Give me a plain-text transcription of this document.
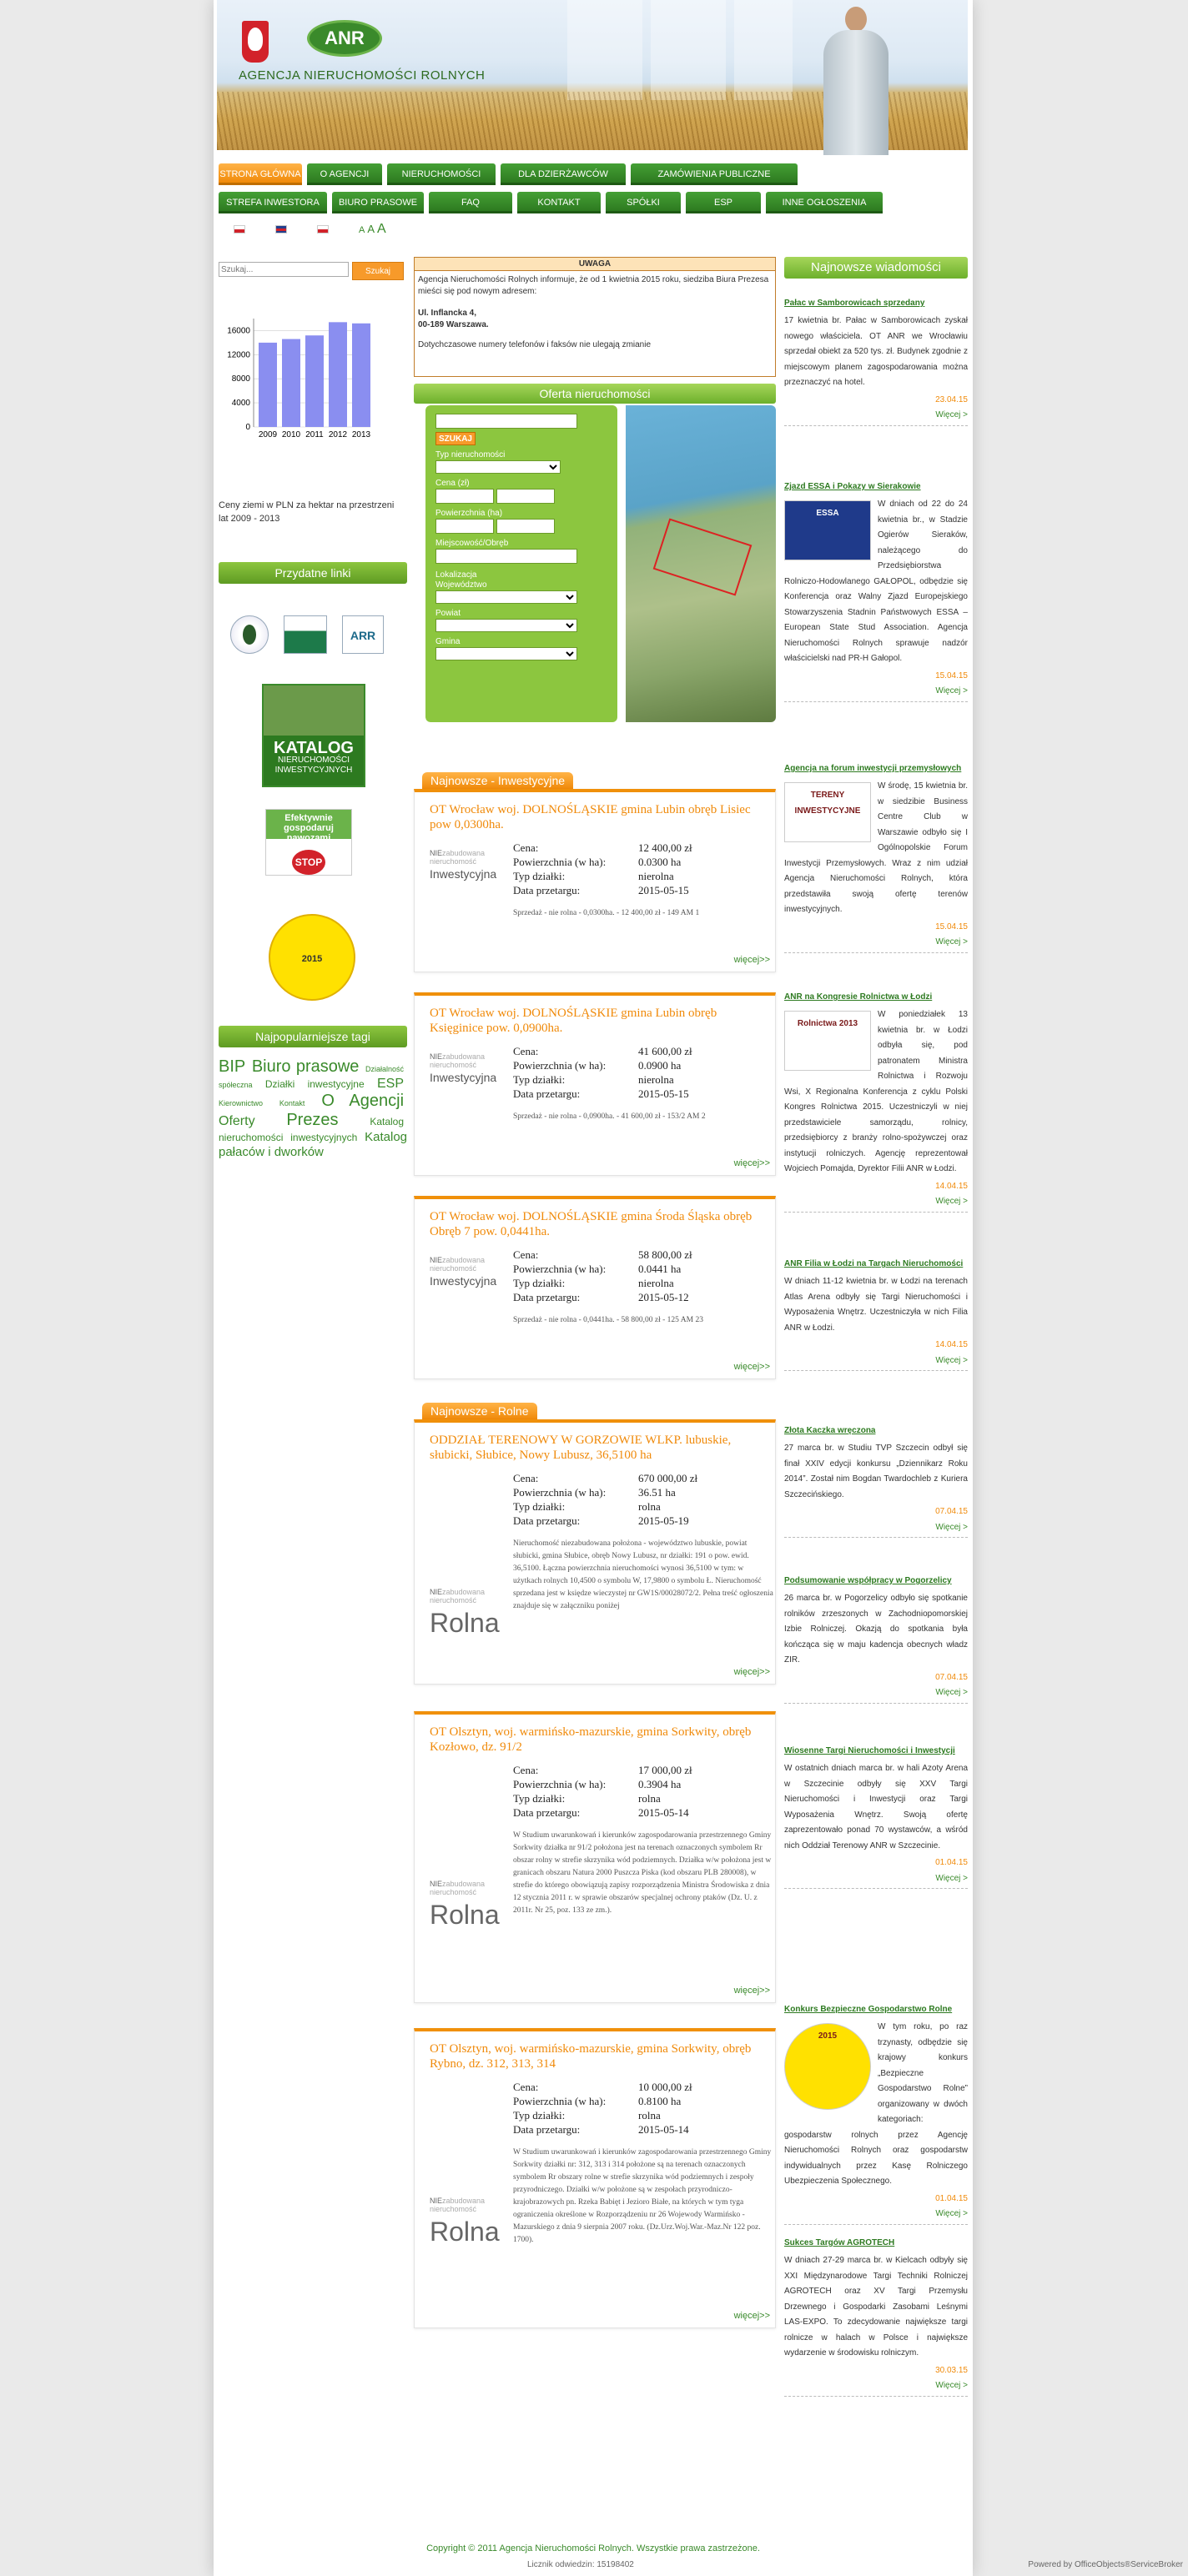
ANR
AGENCJA NIERUCHOMOŚCI ROLNYCH
STRONA GŁÓWNA	O AGENCJI	NIERUCHOMOŚCI	DLA DZIERŻAWCÓW	ZAMÓWIENIA PUBLICZNE
STREFA INWESTORA	BIURO PRASOWE	FAQ	KONTAKT	SPÓŁKI	ESP	INNE OGŁOSZENIA
A A A
Szukaj...
Szukaj
16000
12000
8000
4000
0
2009 2010 2011 2012 2013
Ceny ziemi w PLN za hektar na przestrzeni lat 2009 - 2013
Przydatne linki
ARR
KATALOG
NIERUCHOMOŚCI INWESTYCYJNYCH
Efektywnie gospodaruj nawozami
STOP
2015
Najpopularniejsze tagi
BIP Biuro prasowe Działalność spółeczna Działki inwestycyjne ESP Kierownictwo Kontakt O Agencji Oferty Prezes	Katalog nieruchomości inwestycyjnych Katalog pałaców i dworków
UWAGA
Agencja Nieruchomości Rolnych informuje, że od 1 kwietnia 2015 roku, siedziba Biura Prezesa mieści się pod nowym adresem:
Ul. Inflancka 4,
00-189 Warszawa.
Dotychczasowe numery telefonów i faksów nie ulegają zmianie
Oferta nieruchomości
SZUKAJ
Typ nieruchomości
Cena (zł)

Powierzchnia (ha)

Miejscowość/Obręb
Lokalizacja
Województwo
Powiat
Gmina
Najnowsze - Inwestycyjne
OT Wrocław woj. DOLNOŚLĄSKIE gmina Lubin obręb Lisiec pow 0,0300ha.
NIEzabudowana
nieruchomość
Inwestycyjna
Cena:	12 400,00 zł
Powierzchnia (w ha):	0.0300 ha
Typ działki:	nierolna
Data przetargu:	2015-05-15
Sprzedaż - nie rolna - 0,0300ha. - 12 400,00 zł - 149 AM 1
więcej>>
OT Wrocław woj. DOLNOŚLĄSKIE gmina Lubin obręb Księginice pow. 0,0900ha.
NIEzabudowana
nieruchomość
Inwestycyjna
Cena:	41 600,00 zł
Powierzchnia (w ha):	0.0900 ha
Typ działki:	nierolna
Data przetargu:	2015-05-15
Sprzedaż - nie rolna - 0,0900ha. - 41 600,00 zł - 153/2 AM 2
więcej>>
OT Wrocław woj. DOLNOŚLĄSKIE gmina Środa Śląska obręb Obręb 7 pow. 0,0441ha.
NIEzabudowana
nieruchomość
Inwestycyjna
Cena:	58 800,00 zł
Powierzchnia (w ha):	0.0441 ha
Typ działki:	nierolna
Data przetargu:	2015-05-12
Sprzedaż - nie rolna - 0,0441ha. - 58 800,00 zł - 125 AM 23
więcej>>
Najnowsze - Rolne
ODDZIAŁ TERENOWY W GORZOWIE WLKP. lubuskie, słubicki, Słubice, Nowy Lubusz, 36,5100 ha
NIEzabudowana
nieruchomość
Rolna
Cena:	670 000,00 zł
Powierzchnia (w ha):	36.51 ha
Typ działki:	rolna
Data przetargu:	2015-05-19
Nieruchomość niezabudowana położona - województwo lubuskie, powiat słubicki, gmina Słubice, obręb Nowy Lubusz, nr działki: 191 o pow. ewid. 36,5100. Łączna powierzchnia nieruchomości wynosi 36,5100 w tym: w użytkach rolnych 10,4500 o symbolu W, 17,9800 o symbolu Ł. Nieruchomość sprzedana jest w księdze wieczystej nr GW1S/00028072/2. Pełna treść ogłoszenia znajduje się w załączniku poniżej
więcej>>
OT Olsztyn, woj. warmińsko-mazurskie, gmina Sorkwity, obręb Kozłowo, dz. 91/2
NIEzabudowana
nieruchomość
Rolna
Cena:	17 000,00 zł
Powierzchnia (w ha):	0.3904 ha
Typ działki:	rolna
Data przetargu:	2015-05-14
W Studium uwarunkowań i kierunków zagospodarowania przestrzennego Gminy Sorkwity działka nr 91/2 położona jest na terenach oznaczonych symbolem Rr obszar rolny w strefie skrzynika wód podziemnych. Działka w/w położona jest w granicach obszaru Natura 2000 Puszcza Piska (kod obszaru PLB 280008), w strefie do którego obowiązują zapisy rozporządzenia Ministra Środowiska z dnia 12 stycznia 2011 r. w sprawie obszarów specjalnej ochrony ptaków (Dz. U. z 2011r. Nr 25, poz. 133 ze zm.).
więcej>>
OT Olsztyn, woj. warmińsko-mazurskie, gmina Sorkwity, obręb Rybno, dz. 312, 313, 314
NIEzabudowana
nieruchomość
Rolna
Cena:	10 000,00 zł
Powierzchnia (w ha):	0.8100 ha
Typ działki:	rolna
Data przetargu:	2015-05-14
W Studium uwarunkowań i kierunków zagospodarowania przestrzennego Gminy Sorkwity działki nr: 312, 313 i 314 położone są na terenach oznaczonych symbolem Rr obszary rolne w strefie skrzynika wód podziemnych i zespoły przyrodniczego. Działki w/w położone są w zespołach przyrodniczo-krajobrazowych pn. Rzeka Babięt i Jezioro Białe, na których w tym tyga ograniczenia określone w Rozporządzeniu nr 26 Wojewody Warmińsko - Mazurskiego z dnia 9 sierpnia 2007 roku. (Dz.Urz.Woj.War.-Maz.Nr 122 poz. 1700).
więcej>>
Najnowsze wiadomości
Pałac w Samborowicach sprzedany
17 kwietnia br. Pałac w Samborowicach zyskał nowego właściciela. OT ANR we Wrocławiu sprzedał obiekt za 520 tys. zł. Budynek zgodnie z miejscowym planem zagospodarowania można przeznaczyć na hotel.
23.04.15
Więcej >
Zjazd ESSA i Pokazy w Sierakowie
ESSA
W dniach od 22 do 24 kwietnia br., w Stadzie Ogierów Sieraków, należącego do Przedsiębiorstwa Rolniczo-Hodowlanego GAŁOPOL, odbędzie się Konferencja oraz Walny Zjazd Europejskiego Stowarzyszenia Stadnin Państwowych ESSA – European State Stud Association. Agencja Nieruchomości Rolnych sprawuje nadzór właścicielski nad PR-H Gałopol.
15.04.15
Więcej >
Agencja na forum inwestycji przemysłowych
TERENY INWESTYCYJNE
W środę, 15 kwietnia br. w siedzibie Business Centre Club w Warszawie odbyło się I Ogólnopolskie Forum Inwestycji Przemysłowych. Wraz z nim udział Agencja Nieruchomości Rolnych, która przedstawiła swoją ofertę terenów inwestycyjnych.
15.04.15
Więcej >
ANR na Kongresie Rolnictwa w Łodzi
Rolnictwa 2013
W poniedziałek 13 kwietnia br. w Łodzi odbyła się, pod patronatem Ministra Rolnictwa i Rozwoju Wsi, X Regionalna Konferencja z cyklu Polski Kongres Rolnictwa 2015. Uczestniczyli w niej przedstawiciele samorządu, rolnicy, przedsiębiorcy z branży rolno-spożywczej oraz instytucji rolniczych. Agencję reprezentował Wojciech Pomajda, Dyrektor Filii ANR w Łodzi.
14.04.15
Więcej >
ANR Filia w Łodzi na Targach Nieruchomości
W dniach 11-12 kwietnia br. w Łodzi na terenach Atlas Arena odbyły się Targi Nieruchomości i Wyposażenia Wnętrz. Uczestniczyła w nich Filia ANR w Łodzi.
14.04.15
Więcej >
Złota Kaczka wręczona
27 marca br. w Studiu TVP Szczecin odbył się finał XXIV edycji konkursu „Dziennikarz Roku 2014”. Został nim Bogdan Twardochleb z Kuriera Szczecińskiego.
07.04.15
Więcej >
Podsumowanie współpracy w Pogorzelicy
26 marca br. w Pogorzelicy odbyło się spotkanie rolników zrzeszonych w Zachodniopomorskiej Izbie Rolniczej. Okazją do spotkania była kończąca się w maju kadencja obecnych władz ZIR.
07.04.15
Więcej >
Wiosenne Targi Nieruchomości i Inwestycji
W ostatnich dniach marca br. w hali Azoty Arena w Szczecinie odbyły się XXV Targi Nieruchomości i Inwestycji oraz Targi Wyposażenia Wnętrz. Swoją ofertę zaprezentowało ponad 70 wystawców, a wśród nich Oddział Terenowy ANR w Szczecinie.
01.04.15
Więcej >
Konkurs Bezpieczne Gospodarstwo Rolne
2015
W tym roku, po raz trzynasty, odbędzie się krajowy konkurs „Bezpieczne Gospodarstwo Rolne” organizowany w dwóch kategoriach: gospodarstw rolnych przez Agencję Nieruchomości Rolnych oraz gospodarstw indywidualnych przez Kasę Rolniczego Ubezpieczenia Społecznego.
01.04.15
Więcej >
Sukces Targów AGROTECH
W dniach 27-29 marca br. w Kielcach odbyły się XXI Międzynarodowe Targi Techniki Rolniczej AGROTECH oraz XV Targi Przemysłu Drzewnego i Gospodarki Zasobami Leśnymi LAS-EXPO. To zdecydowanie największe targi rolnicze w halach w Polsce i największe wydarzenie w środowisku rolniczym.
30.03.15
Więcej >
Copyright © 2011 Agencja Nieruchomości Rolnych. Wszystkie prawa zastrzeżone.
Licznik odwiedzin: 15198402	Powered by OfficeObjects®ServiceBroker
